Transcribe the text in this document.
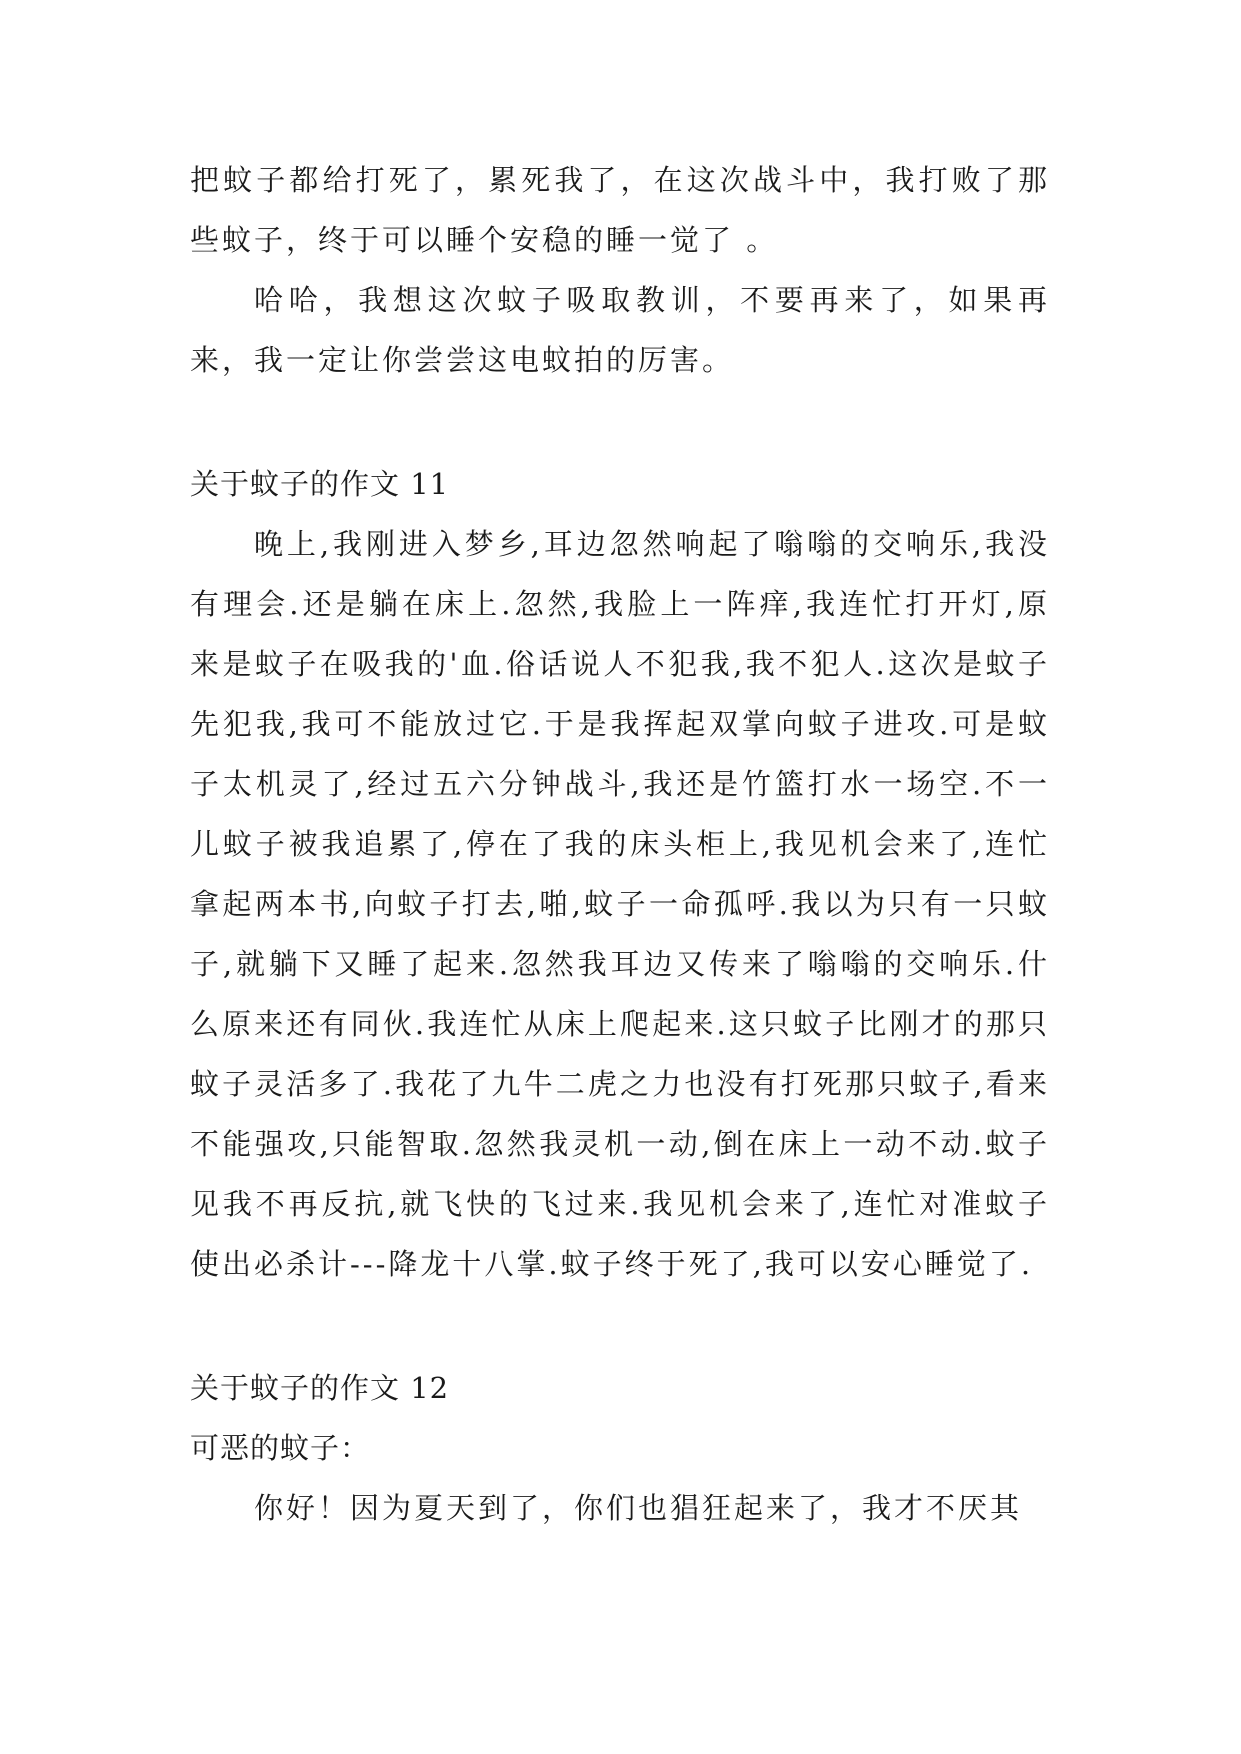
把蚊子都给打死了，累死我了，在这次战斗中，我打败了那些蚊子，终于可以睡个安稳的睡一觉了 。

哈哈，我想这次蚊子吸取教训，不要再来了，如果再来，我一定让你尝尝这电蚊拍的厉害。

关于蚊子的作文 11

晚上,我刚进入梦乡,耳边忽然响起了嗡嗡的交响乐,我没有理会.还是躺在床上.忽然,我脸上一阵痒,我连忙打开灯,原来是蚊子在吸我的'血.俗话说人不犯我,我不犯人.这次是蚊子先犯我,我可不能放过它.于是我挥起双掌向蚊子进攻.可是蚊子太机灵了,经过五六分钟战斗,我还是竹篮打水一场空.不一儿蚊子被我追累了,停在了我的床头柜上,我见机会来了,连忙拿起两本书,向蚊子打去,啪,蚊子一命孤呼.我以为只有一只蚊子,就躺下又睡了起来.忽然我耳边又传来了嗡嗡的交响乐.什么原来还有同伙.我连忙从床上爬起来.这只蚊子比刚才的那只蚊子灵活多了.我花了九牛二虎之力也没有打死那只蚊子,看来不能强攻,只能智取.忽然我灵机一动,倒在床上一动不动.蚊子见我不再反抗,就飞快的飞过来.我见机会来了,连忙对准蚊子使出必杀计---降龙十八掌.蚊子终于死了,我可以安心睡觉了.

关于蚊子的作文 12

可恶的蚊子：

你好！因为夏天到了，你们也猖狂起来了，我才不厌其
